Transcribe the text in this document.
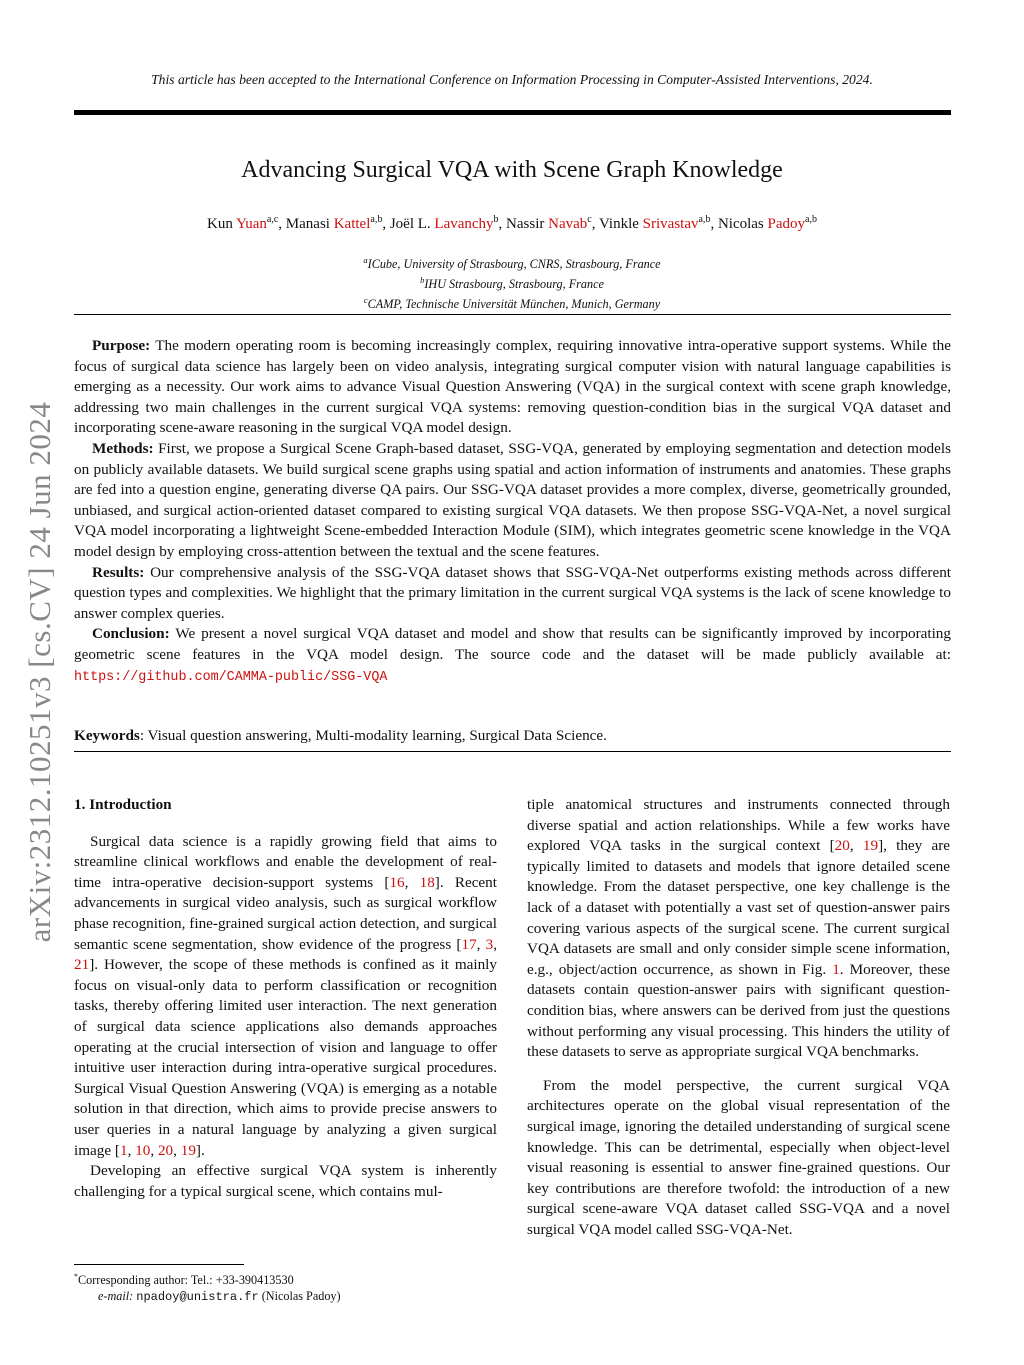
This article has been accepted to the International Conference on Information Processing in Computer-Assisted Interventions, 2024.
Advancing Surgical VQA with Scene Graph Knowledge
Kun Yuan$^{a,c}$, Manasi Kattel$^{a,b}$, Joël L. Lavanchy$^b$, Nassir Navab$^c$, Vinkle Srivastav$^{a,b}$, Nicolas Padoy$^{a,b}$
$^a$ICube, University of Strasbourg, CNRS, Strasbourg, France
$^b$IHU Strasbourg, Strasbourg, France
$^c$CAMP, Technische Universität München, Munich, Germany

Purpose: The modern operating room is becoming increasingly complex, requiring innovative intra-operative support systems. While the focus of surgical data science has largely been on video analysis, integrating surgical computer vision with natural language capabilities is emerging as a necessity. Our work aims to advance Visual Question Answering (VQA) in the surgical context with scene graph knowledge, addressing two main challenges in the current surgical VQA systems: removing question-condition bias in the surgical VQA dataset and incorporating scene-aware reasoning in the surgical VQA model design.

Methods: First, we propose a Surgical Scene Graph-based dataset, SSG-VQA, generated by employing segmentation and detection models on publicly available datasets. We build surgical scene graphs using spatial and action information of instruments and anatomies. These graphs are fed into a question engine, generating diverse QA pairs. Our SSG-VQA dataset provides a more complex, diverse, geometrically grounded, unbiased, and surgical action-oriented dataset compared to existing surgical VQA datasets. We then propose SSG-VQA-Net, a novel surgical VQA model incorporating a lightweight Scene-embedded Interaction Module (SIM), which integrates geometric scene knowledge in the VQA model design by employing cross-attention between the textual and the scene features.

Results: Our comprehensive analysis of the SSG-VQA dataset shows that SSG-VQA-Net outperforms existing methods across different question types and complexities. We highlight that the primary limitation in the current surgical VQA systems is the lack of scene knowledge to answer complex queries.

Conclusion: We present a novel surgical VQA dataset and model and show that results can be significantly improved by incorporating geometric scene features in the VQA model design. The source code and the dataset will be made publicly available at: https://github.com/CAMMA-public/SSG-VQA

Keywords: Visual question answering, Multi-modality learning, Surgical Data Science.
arXiv:2312.10251v3 [cs.CV] 24 Jun 2024 1. Introduction

Surgical data science is a rapidly growing field that aims to streamline clinical workflows and enable the development of real-time intra-operative decision-support systems [16, 18]. Recent advancements in surgical video analysis, such as surgical workflow phase recognition, fine-grained surgical action detection, and surgical semantic scene segmentation, show evidence of the progress [17, 3, 21]. However, the scope of these methods is confined as it mainly focus on visual-only data to perform classification or recognition tasks, thereby offering limited user interaction. The next generation of surgical data science applications also demands approaches operating at the crucial intersection of vision and language to offer intuitive user interaction during intra-operative surgical procedures. Surgical Visual Question Answering (VQA) is emerging as a notable solution in that direction, which aims to provide precise answers to user queries in a natural language by analyzing a given surgical image [1, 10, 20, 19].

Developing an effective surgical VQA system is inherently challenging for a typical surgical scene, which contains mul-

tiple anatomical structures and instruments connected through diverse spatial and action relationships. While a few works have explored VQA tasks in the surgical context [20, 19], they are typically limited to datasets and models that ignore detailed scene knowledge. From the dataset perspective, one key challenge is the lack of a dataset with potentially a vast set of question-answer pairs covering various aspects of the surgical scene. The current surgical VQA datasets are small and only consider simple scene information, e.g., object/action occurrence, as shown in Fig. 1. Moreover, these datasets contain question-answer pairs with significant question-condition bias, where answers can be derived from just the questions without performing any visual processing. This hinders the utility of these datasets to serve as appropriate surgical VQA benchmarks.

From the model perspective, the current surgical VQA architectures operate on the global visual representation of the surgical image, ignoring the detailed understanding of surgical scene knowledge. This can be detrimental, especially when object-level visual reasoning is essential to answer fine-grained questions. Our key contributions are therefore twofold: the introduction of a new surgical scene-aware VQA dataset called SSG-VQA and a novel surgical VQA model called SSG-VQA-Net.

*Corresponding author: Tel.: +33-390413530
e-mail: npadoy@unistra.fr (Nicolas Padoy)
